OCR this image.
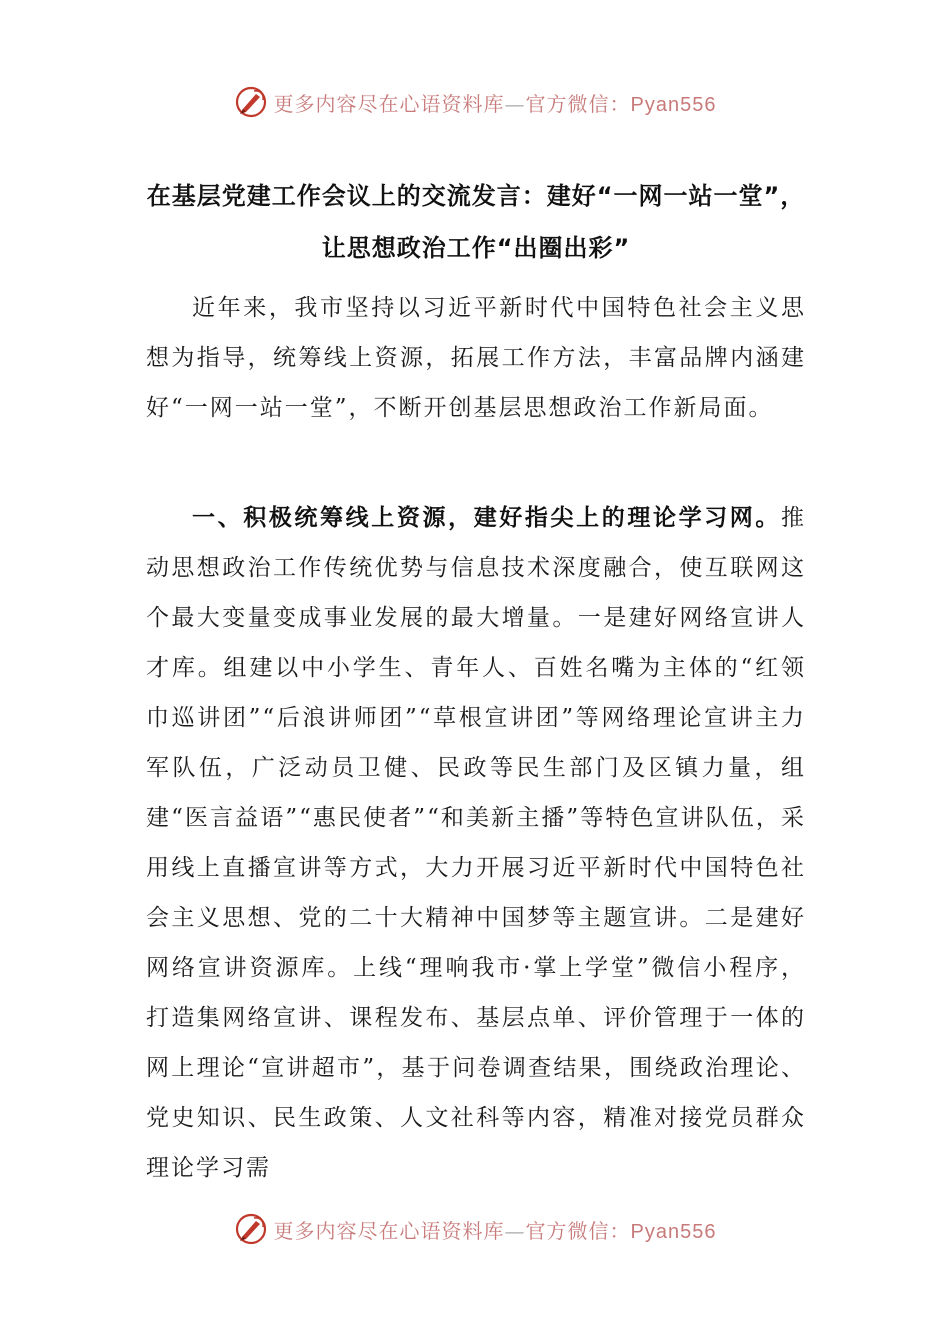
更多内容尽在心语资料库—官方微信：Pyan556
在基层党建工作会议上的交流发言：建好“一网一站一堂”，让思想政治工作“出圈出彩”
近年来，我市坚持以习近平新时代中国特色社会主义思想为指导，统筹线上资源，拓展工作方法，丰富品牌内涵建好“一网一站一堂”，不断开创基层思想政治工作新局面。
一、积极统筹线上资源，建好指尖上的理论学习网。推动思想政治工作传统优势与信息技术深度融合，使互联网这个最大变量变成事业发展的最大增量。一是建好网络宣讲人才库。组建以中小学生、青年人、百姓名嘴为主体的“红领巾巡讲团”“后浪讲师团”“草根宣讲团”等网络理论宣讲主力军队伍，广泛动员卫健、民政等民生部门及区镇力量，组建“医言益语”“惠民使者”“和美新主播”等特色宣讲队伍，采用线上直播宣讲等方式，大力开展习近平新时代中国特色社会主义思想、党的二十大精神中国梦等主题宣讲。二是建好网络宣讲资源库。上线“理响我市·掌上学堂”微信小程序，打造集网络宣讲、课程发布、基层点单、评价管理于一体的网上理论“宣讲超市”，基于问卷调查结果，围绕政治理论、党史知识、民生政策、人文社科等内容，精准对接党员群众理论学习需
更多内容尽在心语资料库—官方微信：Pyan556
